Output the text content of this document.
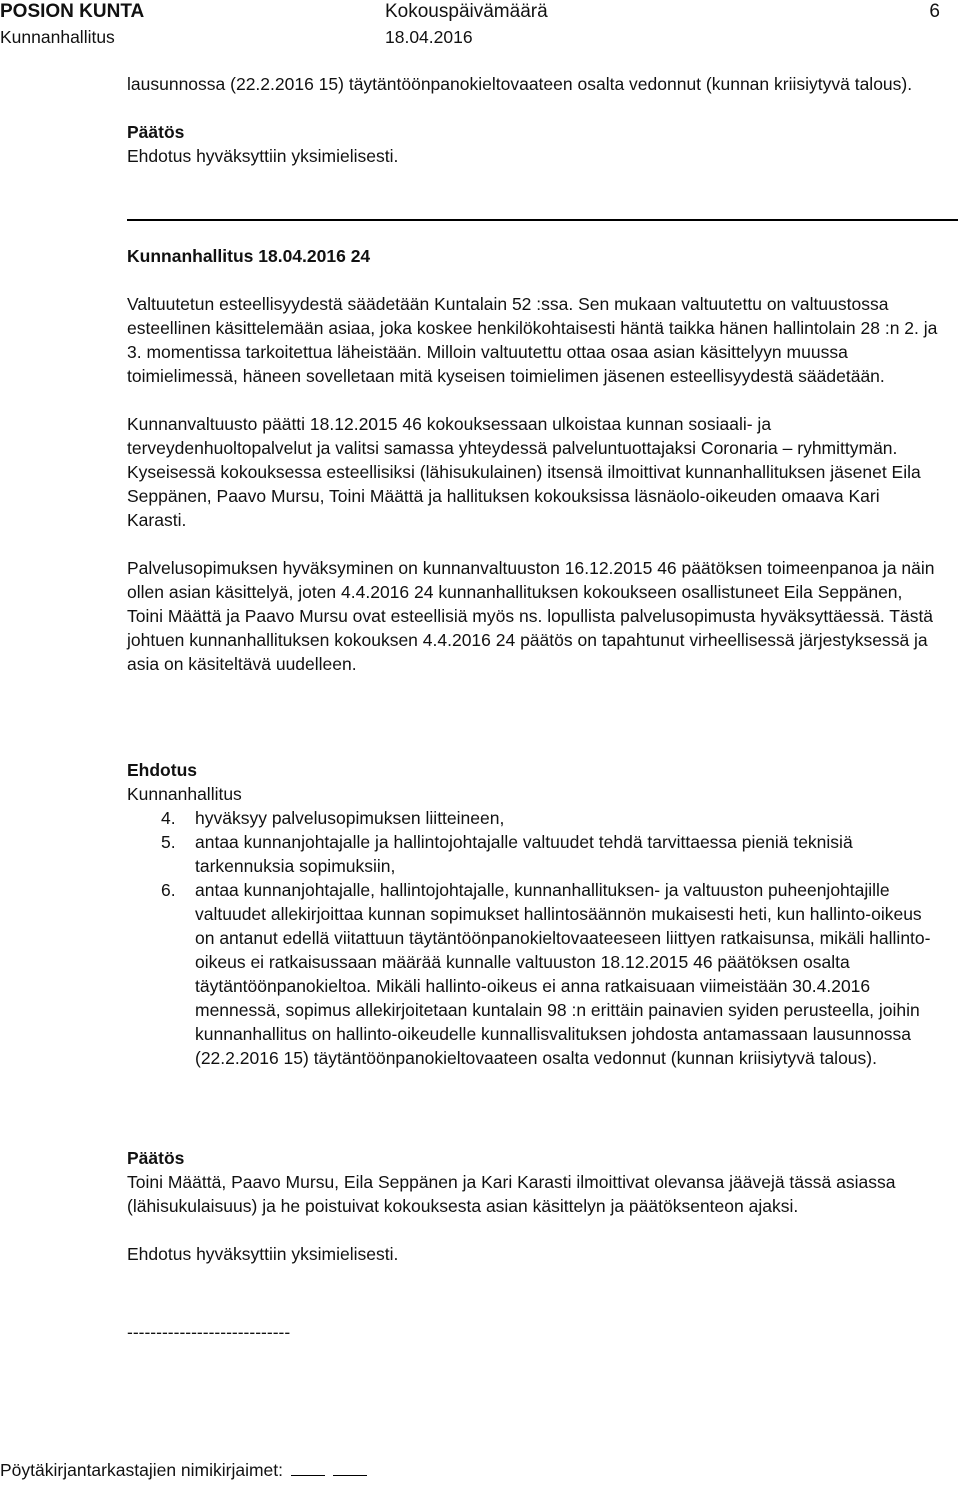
POSION KUNTA	Kokouspäivämäärä	6
Kunnanhallitus	18.04.2016

lausunnossa (22.2.2016 15) täytäntöönpanokieltovaateen osalta vedonnut (kunnan kriisiytyvä talous).

Päätös

Ehdotus hyväksyttiin yksimielisesti.

Kunnanhallitus 18.04.2016 24

Valtuutetun esteellisyydestä säädetään Kuntalain 52 :ssa. Sen mukaan valtuutettu on valtuustossa esteellinen käsittelemään asiaa, joka koskee henkilökohtaisesti häntä taikka hänen hallintolain 28 :n 2. ja 3. momentissa tarkoitettua läheistään. Milloin valtuutettu ottaa osaa asian käsittelyyn muussa toimielimessä, häneen sovelletaan mitä kyseisen toimielimen jäsenen esteellisyydestä säädetään.

Kunnanvaltuusto päätti 18.12.2015 46 kokouksessaan ulkoistaa kunnan sosiaali- ja terveydenhuoltopalvelut ja valitsi samassa yhteydessä palveluntuottajaksi Coronaria – ryhmittymän. Kyseisessä kokouksessa esteellisiksi (lähisukulainen) itsensä ilmoittivat kunnanhallituksen jäsenet Eila Seppänen, Paavo Mursu, Toini Määttä ja hallituksen kokouksissa läsnäolo-oikeuden omaava Kari Karasti.

Palvelusopimuksen hyväksyminen on kunnanvaltuuston 16.12.2015 46 päätöksen toimeenpanoa ja näin ollen asian käsittelyä, joten 4.4.2016 24 kunnanhallituksen kokoukseen osallistuneet Eila Seppänen, Toini Määttä ja Paavo Mursu ovat esteellisiä myös ns. lopullista palvelusopimusta hyväksyttäessä. Tästä johtuen kunnanhallituksen kokouksen 4.4.2016 24 päätös on tapahtunut virheellisessä järjestyksessä ja asia on käsiteltävä uudelleen.

Ehdotus

Kunnanhallitus

4. hyväksyy palvelusopimuksen liitteineen,
5. antaa kunnanjohtajalle ja hallintojohtajalle valtuudet tehdä tarvittaessa pieniä teknisiä tarkennuksia sopimuksiin,
6. antaa kunnanjohtajalle, hallintojohtajalle, kunnanhallituksen- ja valtuuston puheenjohtajille valtuudet allekirjoittaa kunnan sopimukset hallintosäännön mukaisesti heti, kun hallinto-oikeus on antanut edellä viitattuun täytäntöönpanokieltovaateeseen liittyen ratkaisunsa, mikäli hallinto-oikeus ei ratkaisussaan määrää kunnalle valtuuston 18.12.2015 46 päätöksen osalta täytäntöönpanokieltoa. Mikäli hallinto-oikeus ei anna ratkaisuaan viimeistään 30.4.2016 mennessä, sopimus allekirjoitetaan kuntalain 98 :n erittäin painavien syiden perusteella, joihin kunnanhallitus on hallinto-oikeudelle kunnallisvalituksen johdosta antamassaan lausunnossa (22.2.2016 15) täytäntöönpanokieltovaateen osalta vedonnut (kunnan kriisiytyvä talous).

Päätös

Toini Määttä, Paavo Mursu, Eila Seppänen ja Kari Karasti ilmoittivat olevansa jäävejä tässä asiassa (lähisukulaisuus) ja he poistuivat kokouksesta asian käsittelyn ja päätöksenteon ajaksi.

Ehdotus hyväksyttiin yksimielisesti.

----------------------------
Pöytäkirjantarkastajien nimikirjaimet:
